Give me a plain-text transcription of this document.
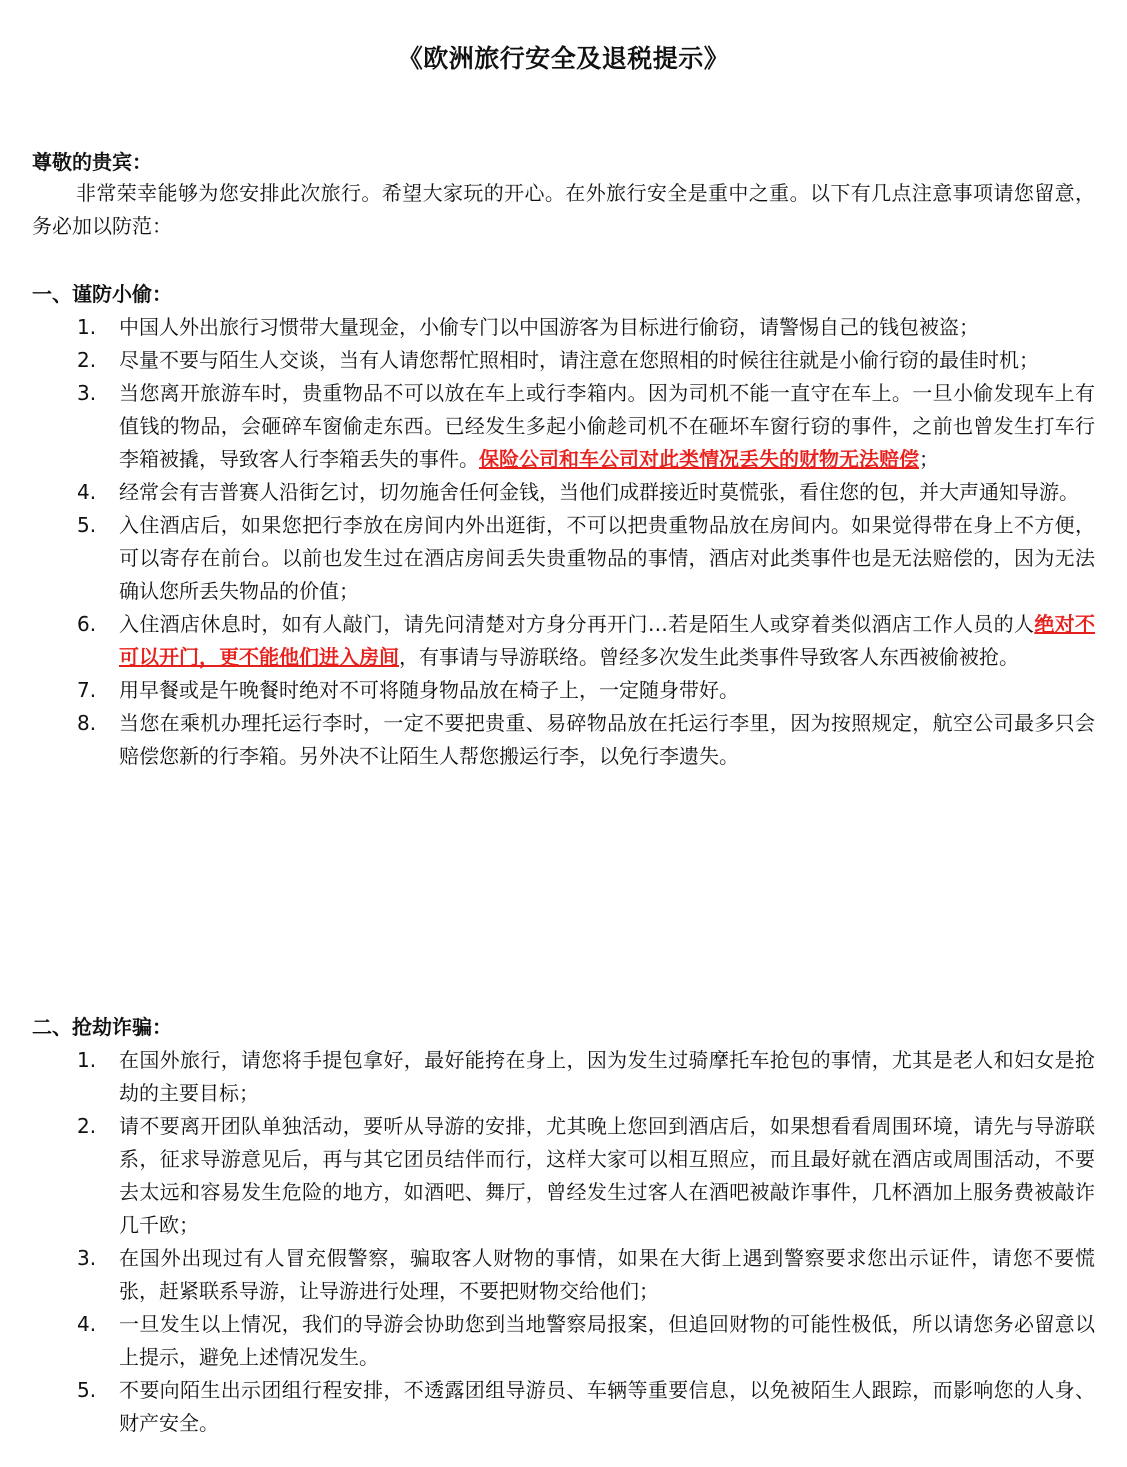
《欧洲旅行安全及退税提示》

尊敬的贵宾：

非常荣幸能够为您安排此次旅行。希望大家玩的开心。在外旅行安全是重中之重。以下有几点注意事项请您留意，务必加以防范：

一、谨防小偷：

1. 中国人外出旅行习惯带大量现金，小偷专门以中国游客为目标进行偷窃，请警惕自己的钱包被盗；
2. 尽量不要与陌生人交谈，当有人请您帮忙照相时，请注意在您照相的时候往往就是小偷行窃的最佳时机；
3. 当您离开旅游车时，贵重物品不可以放在车上或行李箱内。因为司机不能一直守在车上。一旦小偷发现车上有值钱的物品，会砸碎车窗偷走东西。已经发生多起小偷趁司机不在砸坏车窗行窃的事件，之前也曾发生打车行李箱被撬，导致客人行李箱丢失的事件。保险公司和车公司对此类情况丢失的财物无法赔偿；
4. 经常会有吉普赛人沿街乞讨，切勿施舍任何金钱，当他们成群接近时莫慌张，看住您的包，并大声通知导游。
5. 入住酒店后，如果您把行李放在房间内外出逛街，不可以把贵重物品放在房间内。如果觉得带在身上不方便，可以寄存在前台。以前也发生过在酒店房间丢失贵重物品的事情，酒店对此类事件也是无法赔偿的，因为无法确认您所丢失物品的价值；
6. 入住酒店休息时，如有人敲门，请先问清楚对方身分再开门…若是陌生人或穿着类似酒店工作人员的人绝对不可以开门，更不能他们进入房间，有事请与导游联络。曾经多次发生此类事件导致客人东西被偷被抢。
7. 用早餐或是午晚餐时绝对不可将随身物品放在椅子上，一定随身带好。
8. 当您在乘机办理托运行李时，一定不要把贵重、易碎物品放在托运行李里，因为按照规定，航空公司最多只会赔偿您新的行李箱。另外决不让陌生人帮您搬运行李，以免行李遗失。

二、抢劫诈骗：

1. 在国外旅行，请您将手提包拿好，最好能挎在身上，因为发生过骑摩托车抢包的事情，尤其是老人和妇女是抢劫的主要目标；
2. 请不要离开团队单独活动，要听从导游的安排，尤其晚上您回到酒店后，如果想看看周围环境，请先与导游联系，征求导游意见后，再与其它团员结伴而行，这样大家可以相互照应，而且最好就在酒店或周围活动，不要去太远和容易发生危险的地方，如酒吧、舞厅，曾经发生过客人在酒吧被敲诈事件，几杯酒加上服务费被敲诈几千欧；
3. 在国外出现过有人冒充假警察，骗取客人财物的事情，如果在大街上遇到警察要求您出示证件，请您不要慌张，赶紧联系导游，让导游进行处理，不要把财物交给他们；
4. 一旦发生以上情况，我们的导游会协助您到当地警察局报案，但追回财物的可能性极低，所以请您务必留意以上提示，避免上述情况发生。
5. 不要向陌生出示团组行程安排，不透露团组导游员、车辆等重要信息，以免被陌生人跟踪，而影响您的人身、财产安全。
